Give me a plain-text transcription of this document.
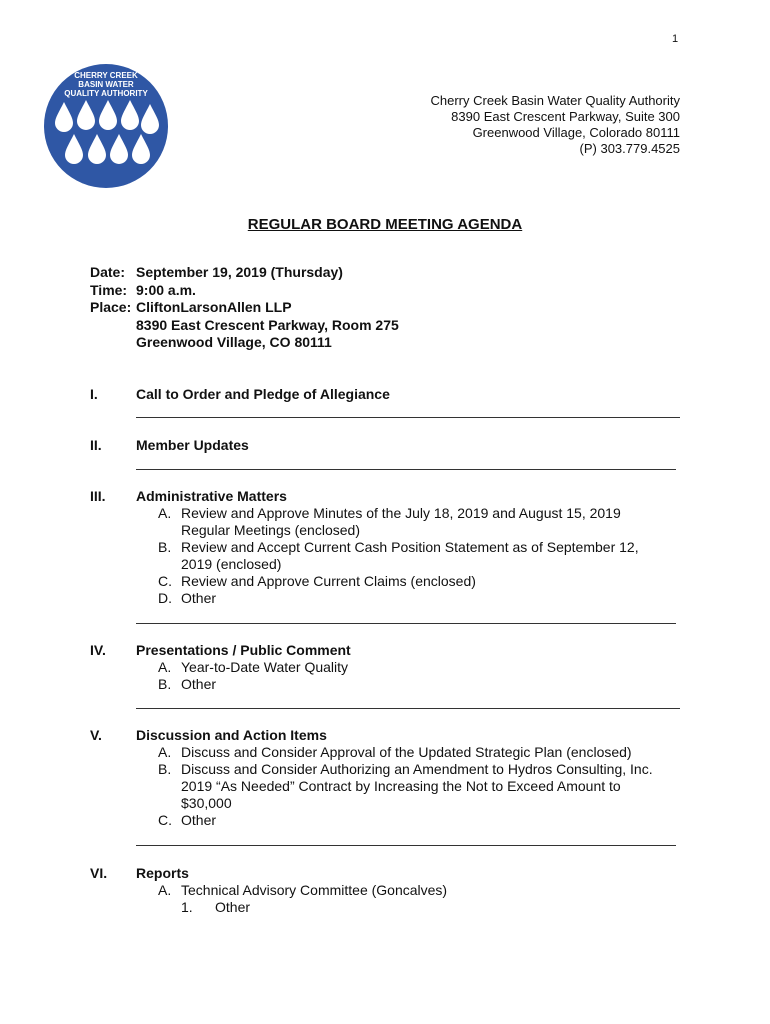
1
CHERRY CREEK
BASIN WATER
QUALITY AUTHORITY	Cherry Creek Basin Water Quality Authority
8390 East Crescent Parkway, Suite 300
Greenwood Village, Colorado 80111
(P) 303.779.4525
REGULAR BOARD MEETING AGENDA
Date: September 19, 2019 (Thursday)
Time: 9:00 a.m.
Place: CliftonLarsonAllen LLP
8390 East Crescent Parkway, Room 275
Greenwood Village, CO 80111
I.	Call to Order and Pledge of Allegiance
II.	Member Updates
III.	Administrative Matters
A. Review and Approve Minutes of the July 18, 2019 and August 15, 2019 Regular Meetings (enclosed)
B. Review and Accept Current Cash Position Statement as of September 12, 2019 (enclosed)
C. Review and Approve Current Claims (enclosed)
D. Other
IV.	Presentations / Public Comment
A. Year-to-Date Water Quality
B. Other
V.	Discussion and Action Items
A. Discuss and Consider Approval of the Updated Strategic Plan (enclosed)
B. Discuss and Consider Authorizing an Amendment to Hydros Consulting, Inc. 2019 “As Needed” Contract by Increasing the Not to Exceed Amount to $30,000
C. Other
VI.	Reports
A. Technical Advisory Committee (Goncalves)
1.	Other
